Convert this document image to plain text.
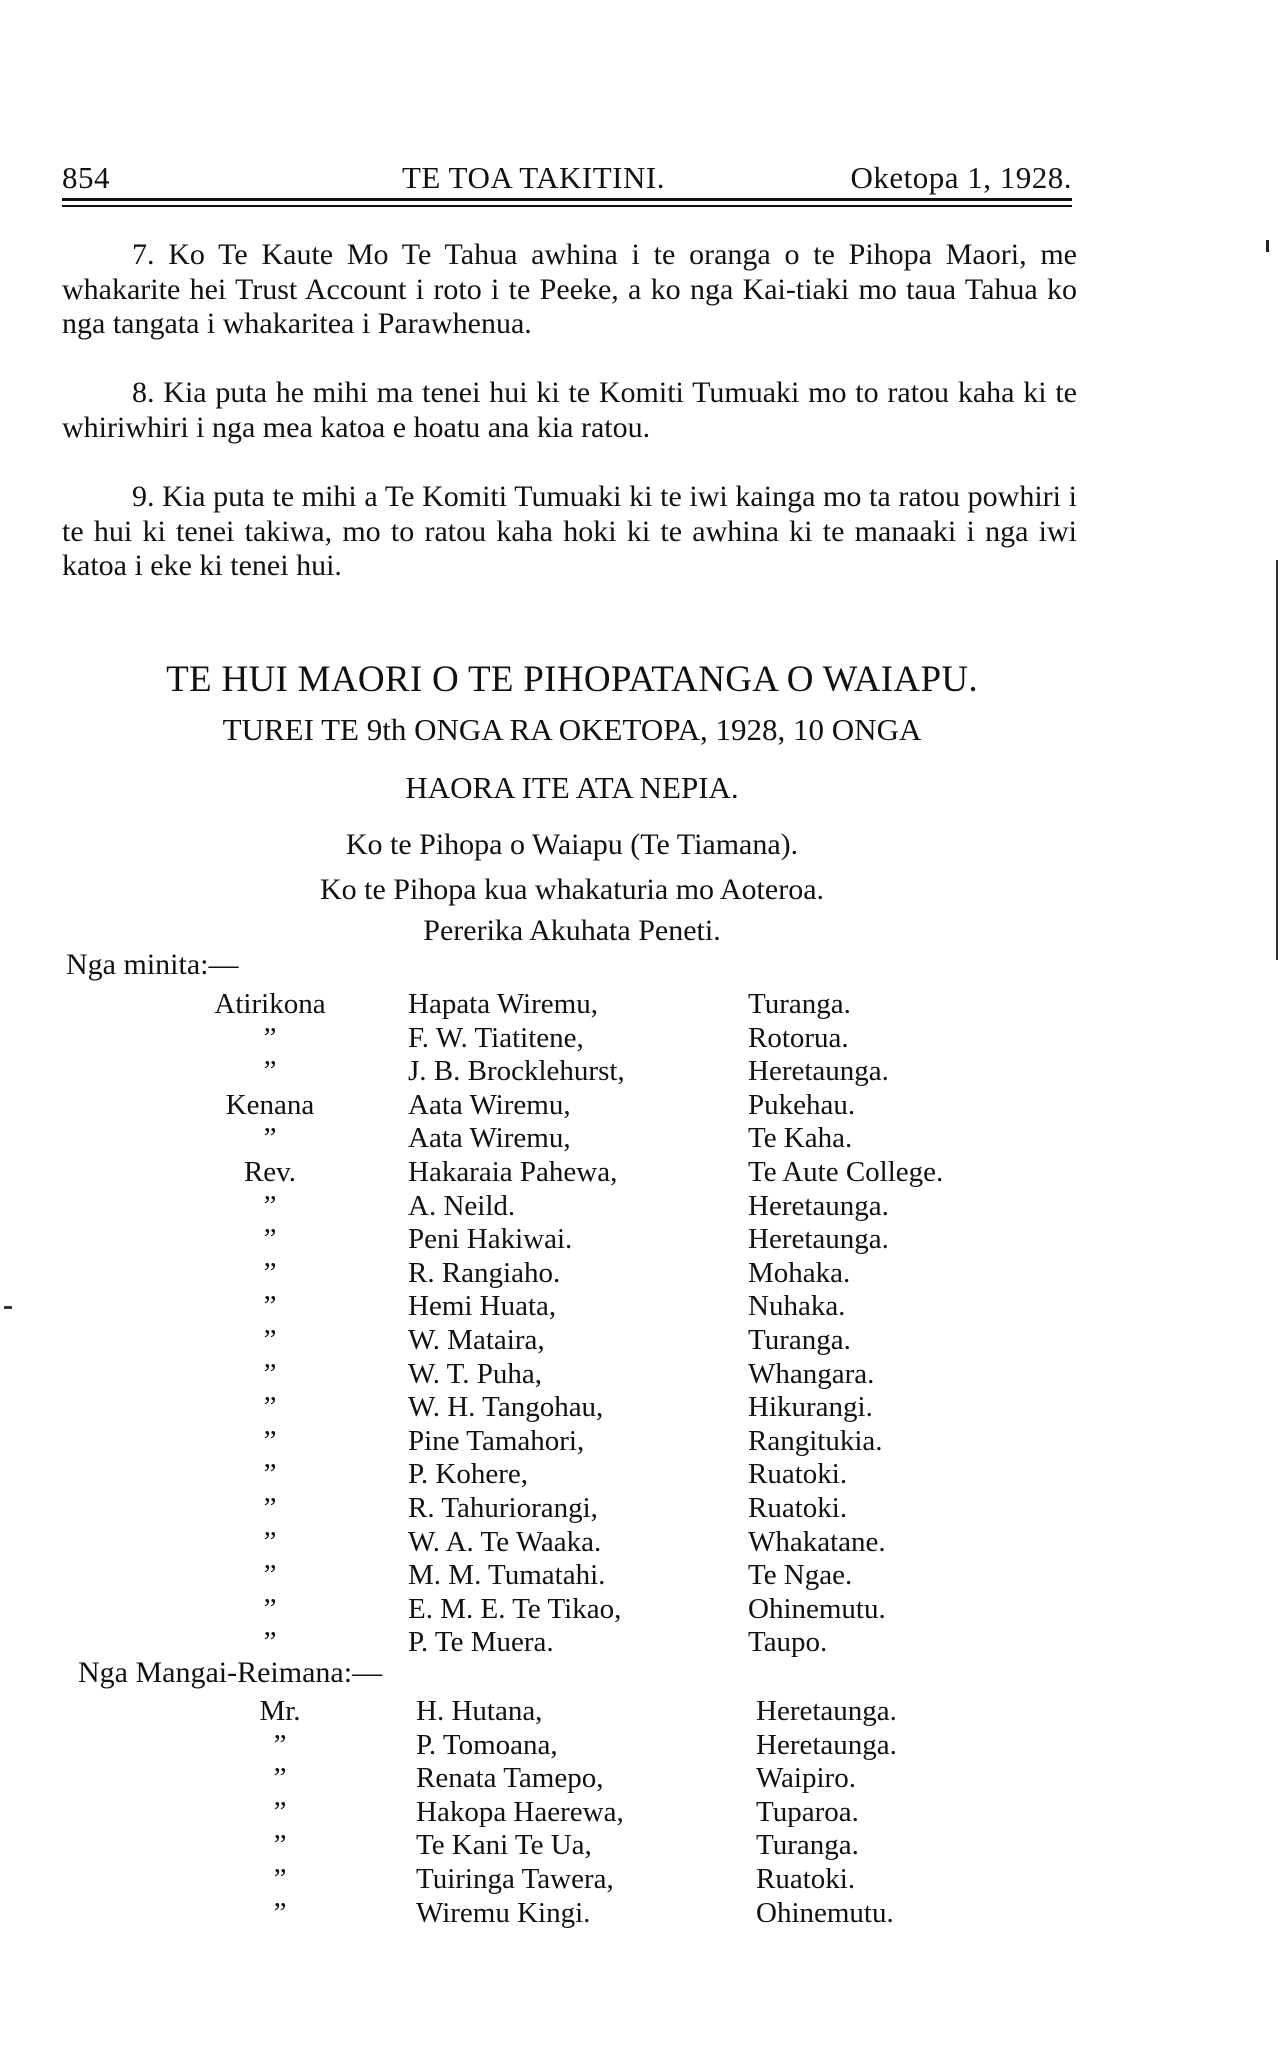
854	TE TOA TAKITINI.	Oketopa 1, 1928.

7. Ko Te Kaute Mo Te Tahua awhina i te oranga o te Pihopa Maori, me whakarite hei Trust Account i roto i te Peeke, a ko nga Kai-tiaki mo taua Tahua ko nga tangata i whakaritea i Parawhenua.

8. Kia puta he mihi ma tenei hui ki te Komiti Tumuaki mo to ratou kaha ki te whiriwhiri i nga mea katoa e hoatu ana kia ratou.

9. Kia puta te mihi a Te Komiti Tumuaki ki te iwi kainga mo ta ratou powhiri i te hui ki tenei takiwa, mo to ratou kaha hoki ki te awhina ki te manaaki i nga iwi katoa i eke ki tenei hui.

TE HUI MAORI O TE PIHOPATANGA O WAIAPU.
TUREI TE 9th ONGA RA OKETOPA, 1928, 10 ONGA
HAORA ITE ATA NEPIA.
Ko te Pihopa o Waiapu (Te Tiamana).
Ko te Pihopa kua whakaturia mo Aoteroa.
Pererika Akuhata Peneti.
Nga minita:—
Nga Mangai-Reimana:—
Atirikona	Hapata Wiremu,	Turanga.
”	F. W. Tiatitene,	Rotorua.
”	J. B. Brocklehurst,	Heretaunga.
Kenana	Aata Wiremu,	Pukehau.
”	Aata Wiremu,	Te Kaha.
Rev.	Hakaraia Pahewa,	Te Aute College.
”	A. Neild.	Heretaunga.
”	Peni Hakiwai.	Heretaunga.
”	R. Rangiaho.	Mohaka.
”	Hemi Huata,	Nuhaka.
”	W. Mataira,	Turanga.
”	W. T. Puha,	Whangara.
”	W. H. Tangohau,	Hikurangi.
”	Pine Tamahori,	Rangitukia.
”	P. Kohere,	Ruatoki.
”	R. Tahuriorangi,	Ruatoki.
”	W. A. Te Waaka.	Whakatane.
”	M. M. Tumatahi.	Te Ngae.
”	E. M. E. Te Tikao,	Ohinemutu.
”	P. Te Muera.	Taupo.
Mr.	H. Hutana,	Heretaunga.
”	P. Tomoana,	Heretaunga.
”	Renata Tamepo,	Waipiro.
”	Hakopa Haerewa,	Tuparoa.
”	Te Kani Te Ua,	Turanga.
”	Tuiringa Tawera,	Ruatoki.
”	Wiremu Kingi.	Ohinemutu.
